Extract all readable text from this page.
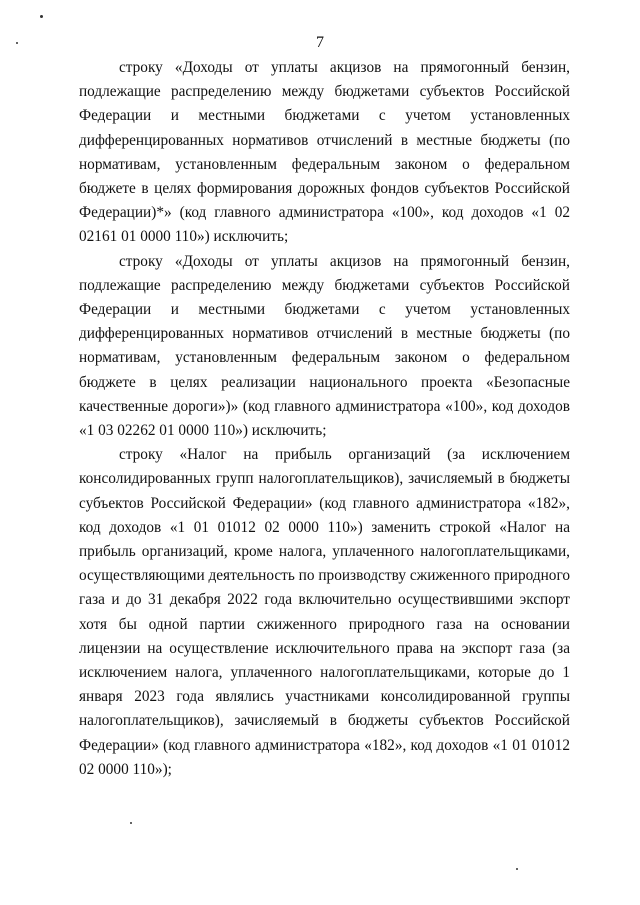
7

строку «Доходы от уплаты акцизов на прямогонный бензин, подлежащие распределению между бюджетами субъектов Российской Федерации и местными бюджетами с учетом установленных дифференцированных нормативов отчислений в местные бюджеты (по нормативам, установленным федеральным законом о федеральном бюджете в целях формирования дорожных фондов субъектов Российской Федерации)*» (код главного администратора «100», код доходов «1 02 02161 01 0000 110») исключить;

строку «Доходы от уплаты акцизов на прямогонный бензин, подлежащие распределению между бюджетами субъектов Российской Федерации и местными бюджетами с учетом установленных дифференцированных нормативов отчислений в местные бюджеты (по нормативам, установленным федеральным законом о федеральном бюджете в целях реализации национального проекта «Безопасные качественные дороги»)» (код главного администратора «100», код доходов «1 03 02262 01 0000 110») исключить;

строку «Налог на прибыль организаций (за исключением консолидированных групп налогоплательщиков), зачисляемый в бюджеты субъектов Российской Федерации» (код главного администратора «182», код доходов «1 01 01012 02 0000 110») заменить строкой «Налог на прибыль организаций, кроме налога, уплаченного налогоплательщиками, осуществляющими деятельность по производству сжиженного природного газа и до 31 декабря 2022 года включительно осуществившими экспорт хотя бы одной партии сжиженного природного газа на основании лицензии на осуществление исключительного права на экспорт газа (за исключением налога, уплаченного налогоплательщиками, которые до 1 января 2023 года являлись участниками консолидированной группы налогоплательщиков), зачисляемый в бюджеты субъектов Российской Федерации» (код главного администратора «182», код доходов «1 01 01012 02 0000 110»);
